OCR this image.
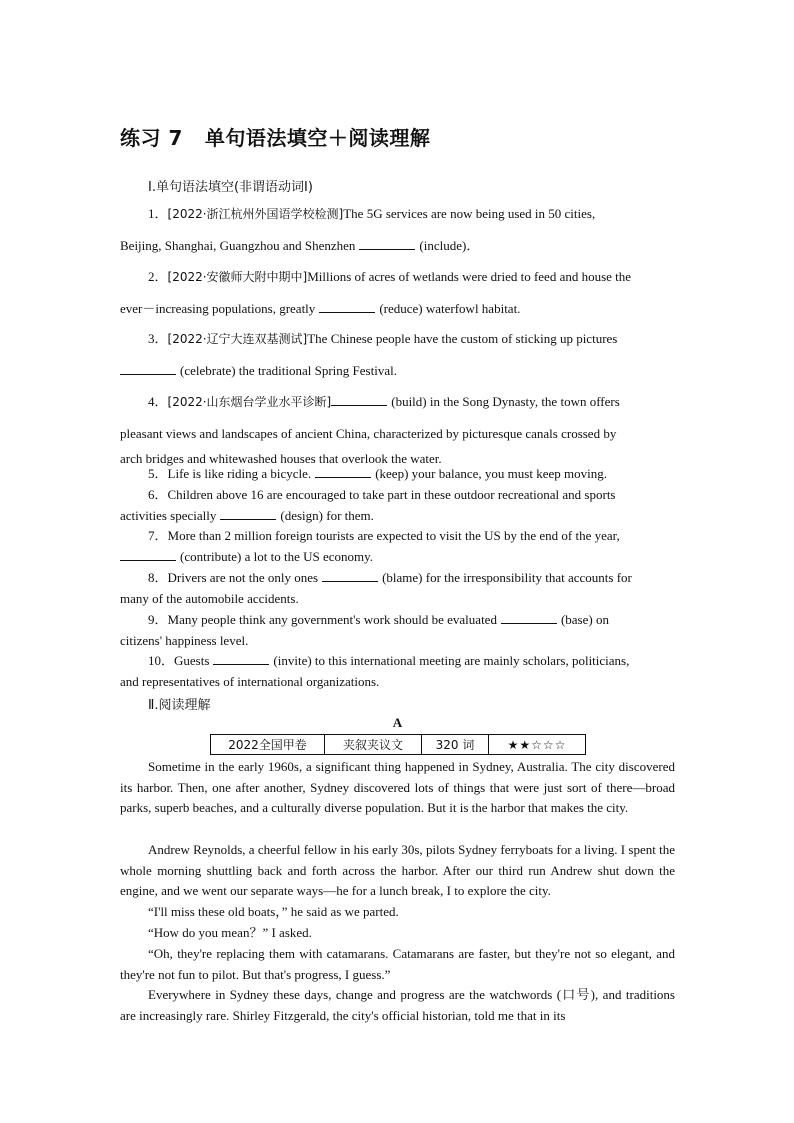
练习 7 单句语法填空＋阅读理解
Ⅰ.单句语法填空(非谓语动词Ⅰ)
1．[2022·浙江杭州外国语学校检测]The 5G services are now being used in 50 cities,
Beijing, Shanghai, Guangzhou and Shenzhen	(include)．
2．[2022·安徽师大附中期中]Millions of acres of wetlands were dried to feed and house the
ever－increasing populations, greatly	(reduce) waterfowl habitat.
3．[2022·辽宁大连双基测试]The Chinese people have the custom of sticking up pictures
(celebrate) the traditional Spring Festival.
4．[2022·山东烟台学业水平诊断]	(build) in the Song Dynasty, the town offers
pleasant views and landscapes of ancient China, characterized by picturesque canals crossed by
arch bridges and whitewashed houses that overlook the water.
5．Life is like riding a bicycle.	(keep) your balance, you must keep moving.
6．Children above 16 are encouraged to take part in these outdoor recreational and sports
activities specially	(design) for them.
7．More than 2 million foreign tourists are expected to visit the US by the end of the year,
(contribute) a lot to the US economy.
8．Drivers are not the only ones	(blame) for the irresponsibility that accounts for
many of the automobile accidents.
9．Many people think any government's work should be evaluated	(base) on
citizens' happiness level.
10．Guests	(invite) to this international meeting are mainly scholars, politicians,
and representatives of international organizations.
Ⅱ.阅读理解
A
2022全国甲卷	夹叙夹议文	320 词	★★☆☆☆
Sometime in the early 1960s, a significant thing happened in Sydney, Australia. The city discovered its harbor. Then, one after another, Sydney discovered lots of things that were just sort of there—broad parks, superb beaches, and a culturally diverse population. But it is the harbor that makes the city.
Andrew Reynolds, a cheerful fellow in his early 30s, pilots Sydney ferryboats for a living. I spent the whole morning shuttling back and forth across the harbor. After our third run Andrew shut down the engine, and we went our separate ways—he for a lunch break, I to explore the city.
“I'll miss these old boats，” he said as we parted.
“How do you mean？” I asked.
“Oh, they're replacing them with catamarans. Catamarans are faster, but they're not so elegant, and they're not fun to pilot. But that's progress, I guess.”
Everywhere in Sydney these days, change and progress are the watchwords (口号), and traditions are increasingly rare. Shirley Fitzgerald, the city's official historian, told me that in its
